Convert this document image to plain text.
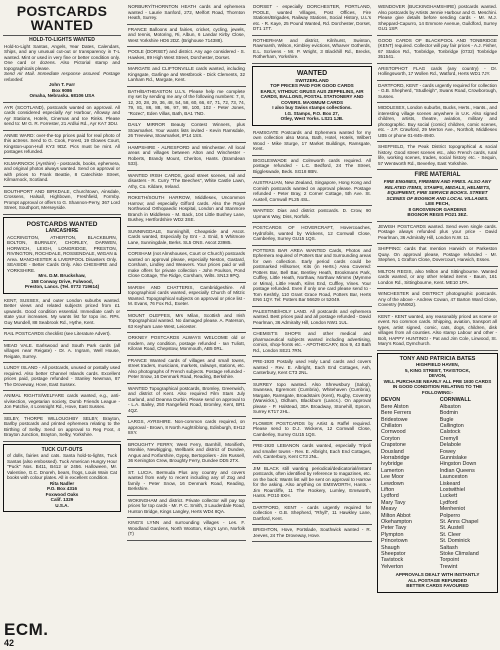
POSTCARDS WANTED
HOLD-TO-LIGHTS WANTED
Hold-to-Light Santas, Angels, Year Dates, Calendars, Ships, and any unusual cut-out or transparency in T-L wanted. Mint or used in very fine or better condition only. One card or dozens. Also Pictorial stamp and topographicals please.
Send Air Mail. Immediate response assured. Postage refunded.
John T. Farr
Box 9086
Omaha, Nebraska. 68106 USA
AYR (SCOTLAND), postcards wanted on approval. All cards considered especially Ayr Harbour, Alloway and Ayr Stations, Hotels, Cinemas and Ice Rinks. Please send to: Mr G. R. Forrester, 21 Ardlui Rd., Ayr KA7 3DU.
ANNIE WARD: over-the-top prices paid for real photo of this actress. Send to G. Cook, Forest, 19 Glowes Court, Kingston-upon-Hull KY3 9DZ. Pics must be mint. All postages refunded.
KILMARNOCK (Ayrshire) - postcards, books, ephemera, and original photos always wanted. Send on approval or with prices to Frank Beattie, 8 Catechiste Street, Kilmarnock, Scotland.
BOUTHPORT AND BIRKDALE, Churchtown, Ainsdale, Crossens, Halsall, Highbown, Freshfield, Formby. Prompt approval or offers to G. Shannon-Perry, 367 Lord Street, Southport, Merseyside.
POSTCARDS WANTED
LANCASHIRE
ACCRINGTON, ATHERTON, BLACKBURN, BOLTON, BURNLEY, CHORLEY, DARWEN, HORWICH, LEIGH, LONGRIDGE, PRESTON, RIVINGTON, ROCHDALE, ROSSENDALE, WIGAN & Area. MANCHESTER & LIVERPOOL Disasters Only. SEASIDE - Better Cards Only. Also CHESHIRE and YORKSHIRE.
Mrs. D.M. Bruckshaw,
158 Conway Drive, Fulwood,
Preston, Lancs. (Tel. 0772 719614)
KENT, SUSSEX, and outer London suburbs wanted. Better views and related subjects priced from £1 upwards. Good condition essential. Immediate cash or state your increases. My wants list for topo inc. RPs. Guy Mundell, 88 Seabrook Rd., Hythe, Kent.
RAIL POSTCARDS checklist (see Literature Advert).
MEAD VALE. Earlswood and South Park cards (all villages near Reigate) - Dr. A. Ingram, Well House, Reigate, Surrey.
LUNDY ISLAND - All postcards, unused or postally used required. Also better Channel Islands cards. Excellent prices paid, postage refunded - Stanley Newman, 87 The Droveway, Hove, East Sussex.
ANIMAL RIGHTS/WELFARE cards wanted, e.g., anti-vivisection, vegetarian society, Dumb Friends League - Jon Patchie, 4 Lonsnight Rd., Hove, East Sussex.
SELBY, THORPE WILLOUGHBY SELBY, Brayton, Barlby postcards and printed ephemera relating to the Birthing of Selby. Send on approval to Reg Foot, 4 Brayton Junction, Brayton, Selby, Yorkshire.
TUCK CUT-OUTS
of dolls, fairies and cats. Santa hold-to-lights, Tuck Santas (also embossed). Tuck American Hungry Hour "Puck" Nos. B411, B412 or 2456. Halloween, Mr. Valentine, G.C. Dnoreh, bears, frogs, Louis Wain Cat books with colour plates. All in excellent condition.
Rita Nadler
P.O. Box 4316
Foxwood Oaks
Calif. 1329
U.S.A.
NORBURY/THORNTON HEATH cards and ephemera wanted - Laurie Sanford, 272, Melfort Road, Thornton Heath, Surrey.
FRANCE Balloons and fairies, cricket, cycling, jewels, and tennis, Motoring, Ri, Albun, 6 Landar Kirby Close, West Yorkshire HD6 2DZ. (Brighouse 714388).
POOLE (DORSET) and district. Any age considered - S. Hawkes, 89 High West Street, Dorchester, Dorset.
MARGATE and CLIFTONVILLE cards wanted, including Kingsgate, Garlinge and Westbrook - Dick Clements, 32 Lanham Rd., Margate, Kent.
BATH/BATHEASTON U.L's. Please help me complete my set by sending me any of the following numbers: 7, 8, 12, 20, 28, 29, 36, 48, 54, 58, 60, 66, 67, 71, 72, 73, 74, 79, 81, 86, 88, 96, 97, 98, 100, 102 - Peter Jones, "Rozec", Eden Villas, Bath, BA1 7ND.
DAILY MIRROR Beauty Contest Winners, plus Stowmarket. Your wants lists invited - Kevin Ramsdale, 26 Treeview, Stowmarket, IP14 1SS.
HAMPSHIRE - ALRESFORD and Winchester. All local areas and villages between Alton and Winchester - Roberts, Brandy Mount, Cheriton, Hants. (Bramdean 533).
WANTED IRISH CARDS, good street scenes, rail and disasters - R. Curry "The Beeches", White Castle Lawn, Athy, Co. Kildare, Ireland.
ROKETH/SOUTH HARROW, Middlesex, Uncommon Harrow; and especially Gifford cards. Also the Royal Northwood Orthopaedic Hospital, London and Stanmore Branch in Middlesex - M. Back, 104 Little Bushey Lane, Bushey, Hertfordshire WD2 3SE.
SUNNINGDALE, Sunninghill, Cheapside and Ascot. Cards wanted, Especially by Ent - J. Enid, 5 Whitmore Lane, Sunningdale, Berks. SL5 ONS. Ascot 23985.
CORSHAM (not Almshouses, Court or Church) postcards wanted on approval please, especially Neston, Gastard, Corsham, Lindley and Weavers. Your prices paid or will make offers for private collection - John Poulson, Pond Close Cottage, The Ridge, Corsham, Wilts. SN13 9PQ.
MARSH AND CHATTERIS, Cambridgeshire. All topographical cards wanted, especially Church of Mitzic Wanted. Topographical subjects on approval or price list - M. Evans, 76 Fox Rd., Exeter.
MOUNT OLEFFES, Mrs Milan, Scottish and Irish Topographical wanted. No damaged please. A. Paterson, 63 Keyham Lane West, Leicester.
ORKNEY POSTCARDS ALWAYS WELCOME old or modern, any condition, postage refunded - Ian Tuliott, Kiloran Road, Chepstow, Monmouth, AB5 0RL.
FRANCE Wanted cards of villages and small towns, street traders, musicians, markets, railways, stations, etc. Also photographs of French subjects. Postage refunded - Peter Snow, 16 Denmark Road, Reading, Berkshire.
WANTED Topographical postcards, Bromley, Greenwich, and district of Kent. Also required Film Stars July Garland, and Deanna Durbin. Please send on approval to - L.A. Bailey, 250 Rangefield Road, Bromley, Kent, BR1 4QZ.
LARGS, AYRSHIRE. Non-common cards required, on approval - Brown, 8 North Aughtriblong, Edinburgh, EH12 8XY.
BROUGHTY FERRY, West Ferry, Barnhill, Monifieth, Monikie, Newbigging, Wellbank and district of Dundee, Angus and Forfarshire, Gypsy, Bertopoliers - Jim Russell, 36 Kenington Crew, Broughty Ferry, Dundee DD5 2TX.
ST. LUCIA. Bermuda Plus any country and covers wanted from early to recent including any of Zog and family - Peter Snow, 16 Denmark Road, Reading, Berkshire.
WOKINGHAM and district. Private collector will pay top prices for top cards - Mr. P. C. Smith, 3 Lauderdale Road, Hunton Bridge, Kings Langley, Herts WD4 8QA.
KING'S LYNN and surrounding villages - Les. F. Woodland Gardens, North Wootton, King's Lynn, Norfolk (T)
DORSET - especially DORCHESTER, PORTLAND, POOLE, wanted Villages, Post Offices, Fire Stations/Brigades, Railway Stations, Social History, U.L's etc. - R. Kaye, 25 Pound Wanted, Rd. Dorchester, Dorset, DT1 1TT.
ROTHERHAM and district, Kilnhurst, Swinton, Rawmarsh, Wilson, Kimbley evictions, Wharver Gotherds, E.L. Scrivens - Mr. P. Wright, 3 Blackhill Rd., Brecks, Rotherham, Yorkshire.
WANTED
SWITZERLAND
TOP PRICES PAID FOR GOOD CARDS
EARLY, VITHDUC GRUSS AUS ZEPPELINS, AIR CARDS, BALLONS, POSTAL STATIONERY AND COVERS. MAXIMUM CARDS
I also buy Swiss stamps collections.
I.G. Stamps, P.O. Box 27,
Otley, West Yorks. LS21 1JB.
RAMSGATE Postcards and Ephemera wanted for my own collection also Mona, Bath, Hotel, Hotels, Wilbert Wood - Mike Sturge, 17 Market Buildings, Ramsgate, Kent.
BIGGLESWADE and Colmworth cards required. All postage refunded - L.C. Bedford, 24 The Street, Biggleswade, Beds. SG18 8BN.
AUSTRALIAN, New Zealand, Singapore, Hong Kong and Cornish postcards wanted on approval please. Postage refunded - Peter Bray, 2 Corner Cottage, 5th Ave. St. Austell, Cornwall PL25 4SL.
WANTED: Dias and district postcards. D. Crow, 90 Upmans Way, Diss, Norfolk.
POSTCARDS OF HOVERCRAFT, Hovercoaches, Hydrofoils, wanted by Wickens, 12 Cornwall Close, Camberley, Surrey GU15 1QS.
POTTERS BAR AREA WANTED Cards, Photos and Ephemera required of Potters Bar and Surrounding areas for own collection. Early period cards could be postmarked Hillsomer, Kits (in Herts.) Area Covered: Potters Bar, Bell Bar, Bentley Heath, Brookmans Park, Cuffley, Little Heath, Northaw, Northaw Mimms (Mymme or Mima), Little Heath, Kilns End, Cuffley, Vines. Your postage refunded. Even if only one card please send to - Tom Keshtly, 110 Grant Grace Road, Potters Bar, Herts EN6 1QY. Tel: Potters Bar 56629 or 52049.
PALESTINE/HOLY LAND. All postcards and ephemera wanted. Best prices paid and all postage refunded - David Pearlman, 36 Admiralty Hill, London NW1 1UL.
CHEMIST'S SHOPS and other medical and pharmaceutical subjects wanted including advertising, comics, shop-fronts etc. - APOTHECARY, Box 9, 43 Bath Rd., London SE21 7RN.
PRE-1920 Postally used Holy Land cards and covers wanted - Rev. E. Albright, Each End Cottages, Ash, Canterbury, Kent CT3 2NL.
SURREY topo wanted. Also Shrewsbury (Salop), Swansea, Egremont (Cumbria), Whitehaven (Cumbria), Margate, Ramsgate, Broadstairs (Kent), Rugby, Coventry (Warwicks.), Oldham, Blackburn (Lancs.). On approval please - P. Halstead, 30A Broadway, Stonehill, Epsom, Surrey KT17 2HL.
FLOWER POSTCARDS by Artist & Raffel required. Please send to D.J. Wickens, 12 Cornwall Close, Camberley, Surrey GU15 1QS.
PRE-1920 LEBANON cards wanted, especially Tripoli and smaller towns - Rev. E. Albright, Each End Cottages, Ash, Canterbury, Kent CT3 2NL.
JIM BLACK still wanting periodical/dedicatorial/instant postcards, often identified by reference to magazines, etc. on the back: Wants list will be sent on approval to Harrow for the asking. Also anything on EMSWORTH, Hants. - Jim Roarcliffe, 11 The Rookery, Lumley, Emsworth, Hants. PO10 8XH.
DARTFORD, KENT - cards urgently required for collection - G.B. Shepherd, "Rhyll", 11 Hawkley Lane, Dartford, Kent.
BRIGHTON, Hove, Portslade, Southwick wanted - R. Jeeves, 24 The Droveway, Hove.
WENDOVER (BUCKINGHAMSHIRE) postcards wanted. Also postcards by Artists Jennie Harbour and G. Meschini. Please give details before sending cards - Mr. M.J. Sheppard-Capurro, 14 Emmore Avenue, Guildford, Surrey GU1 1SP.
GOOD CARDS OF BLACKPOOL AND TONBRIDGE (KENT) required. Collector will pay fair prices - A.J. Fisher, 67 Station Rd., Tonbridge, Tonbridge (0732) Tonbridge 351541.
ARISTOPHOT FLAG cards (any country) - Dr. Hollingsworth, 17 Wollen Rd., Watford, Herts WD1 7JY.
DARTFORD, KENT - cards urgently required for collection - G.B. Shepherd, "Studleigh", Swans Road, Crowborough, Sussex.
MIDDLESEX, London suburbs, Bucks, Herts., Hants., and interesting village scenes anywhere in U.K. Also signed children, artists, theatre, aviation, military and photographic. Buy social (comic) children, comic scenes, etc. - J.P. Crawford, 29 Merton Ave., Northolt, Middlesex UB5 or phone 01-845-4940.
SHEFFIELD, The Peak District topographical & social history. Good street scenes etc., also French cards, rural life, working scenes, trades, social history etc. - Sequin, 57 Wentworth Rd., Beverley, East Yorkshire.
FIRE MATERIAL
FIRE ENGINES, FIREMEN AND FIRES. ALSO ANY RELATED ITEMS, STAMPS, MEDALS, HELMETS, EQUIPMENT, FIRE SERVICE BOOKS. STREET SCENES OF BOGNOR AND LOCAL VILLAGES.
LEE PECH,
8 GROSVENOR GARDENS
BOGNOR REGIS PO21 3EZ.
JEWISH POSTCARDS wanted. Send even single cards. Postage always refunded plus your price - David Pearlman, 36 Admiralty Hill, London N.W. 11.
SHIPPING: cards that mention Harwich or Parkeston Quay. On approval please, Postage refunded - Mr. Stephen, 1 Grafton Close, Dovercourt, Harwich, Essex.
MILTON REGIS, also Milton and Sittingbourne. Wanted cards wanted, or any other related items - Baum, 161 London Rd., Sittingbourne, Kent. ME10 1PA.
WINCHESTER and DISTRICT photographic postcards. Any of the above - Andrew Cowan, 47 Barton Ward Close, Coventry (NN062).
KENT - KENT wanted, any reasonably priced as scene or event. No common cards. Shipping, aviation, transport all types, artist signed, comic, cats, dogs, children, disk villages from all counties. Also stamp Labour and other - Bolt, HAPPY HUNTING! - Pat and Jim Cole, Linwood, St. Mary's Road, Dymchurch.
TONY AND PATRICIA BATES
HIGHFIELD HAVEN,
5, KING STREET, TAVISTOCK,
DEVON,
WILL PURCHASE NEARLY ALL PRE 1930 CARDS IN GOOD CONDITION RELATING TO THE FOLLOWING:-
DEVON
Bere Alston
Bere Ferrers
Bridestowe
Chillaton
Cornwood
Coryton
Crapstone
Dousland
Horrabridge
Ivybridge
Lamerton
Lee Moor
Lewdown
Lifton
Lydford
Mary Tavy
Meavy
Milton Abbot
Okehampton
Peter Tavy
Plympton
Princetown
Shaugh
Sheepstor
Tavistock
Yelverton
CORNWALL
Albaston
Bodmin
Bugle
Callington
Calstock
Cremyll
Delabole
Fowey
Gunnislake
Hingston Down
Indian Queens
Launceston
Liskeard
Lostwithiel
Luckett
Lydford
Menheniot
Polperro
St. Anns Chapel
St. Austell
St. Cleer
St. Dominick
Saltash
Stoke Climsland
Torpoint
Trewint
APPROVALS DEALT WITH INSTANTLY
ALL POSTAGE REFUNDED
BETTER CARDS FAVOURED
ECM.
42
